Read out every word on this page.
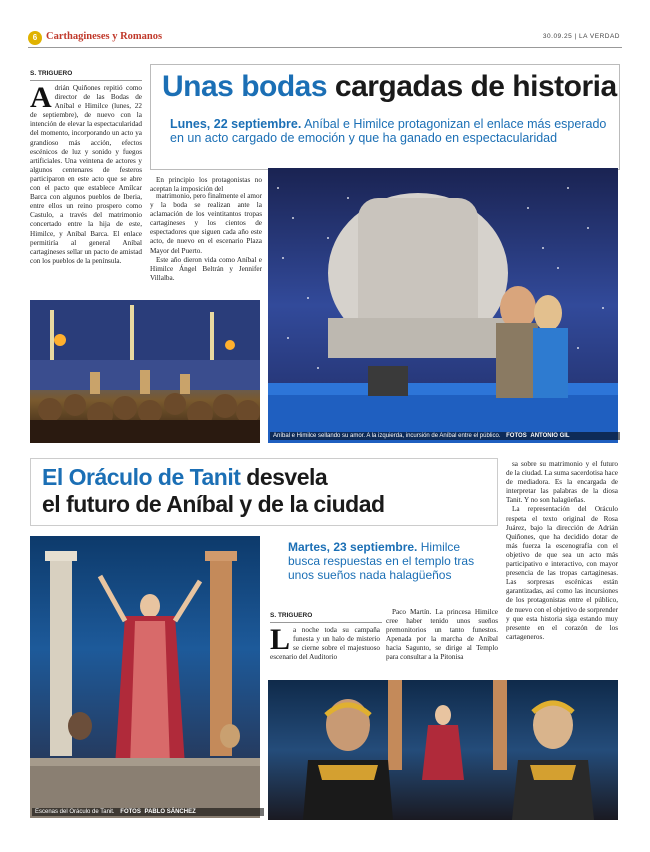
6 Carthagineses y Romanos	30.09.25 | LA VERDAD
S. TRIGUERO	Unas bodas cargadas de historia
Lunes, 22 septiembre. Aníbal e Himilce protagonizan el enlace más esperado en un acto cargado de emoción y que ha ganado en espectacularidad
Adrián Quiñones repitió como director de las Bodas de Aníbal e Himilce (lunes, 22 de septiembre), de nuevo con la intención de elevar la espectacularidad del momento, incorporando un acto ya grandioso más acción, efectos escénicos de luz y sonido y fuegos artificiales. Una veintena de actores y algunos centenares de festeros participaron en este acto que se abre con el pacto que establece Amílcar Barca con algunos pueblos de Iberia, entre ellos un reino prospero como Castulo, a través del matrimonio concertado entre la hija de este, Himilce, y Aníbal Barca. El enlace permitiría al general Aníbal cartagineses sellar un pacto de amistad con los pueblos de la península.

En principio los protagonistas no aceptan la imposición del

matrimonio, pero finalmente el amor y la boda se realizan ante la aclamación de los veintitantos tropas cartagineses y los cientos de espectadores que siguen cada año este acto, de nuevo en el escenario Plaza Mayor del Puerto.

Este año dieron vida como Aníbal e Himilce Ángel Beltrán y Jennifer Villalba.

Aníbal e Himilce sellando su amor. A la izquierda, incursión de Aníbal entre el público. FOTOS ANTONIO GIL
El Oráculo de Tanit desvela
el futuro de Aníbal y de la ciudad
Escenas del Oráculo de Tanit. FOTOS PABLO SÁNCHEZ
Martes, 23 septiembre. Himilce busca respuestas en el templo tras unos sueños nada halagüeños
S. TRIGUERO
La noche toda su campaña funesta y un halo de misterio se cierne sobre el majestuoso escenario del Auditorio

Paco Martín. La princesa Himilce cree haber tenido unos sueños premonitorios un tanto funestos. Apenada por la marcha de Aníbal hacia Sagunto, se dirige al Templo para consultar a la Pitonisa

sa sobre su matrimonio y el futuro de la ciudad. La suma sacerdotisa hace de mediadora. Es la encargada de interpretar las palabras de la diosa Tanit. Y no son halagüeñas.

La representación del Oráculo respeta el texto original de Rosa Juárez, bajo la dirección de Adrián Quiñones, que ha decidido dotar de más fuerza la escenografía con el objetivo de que sea un acto más participativo e interactivo, con mayor presencia de las tropas cartaginesas. Las sorpresas escénicas están garantizadas, así como las incursiones de los protagonistas entre el público, de nuevo con el objetivo de sorprender y que esta historia siga estando muy presente en el corazón de los cartageneros.
